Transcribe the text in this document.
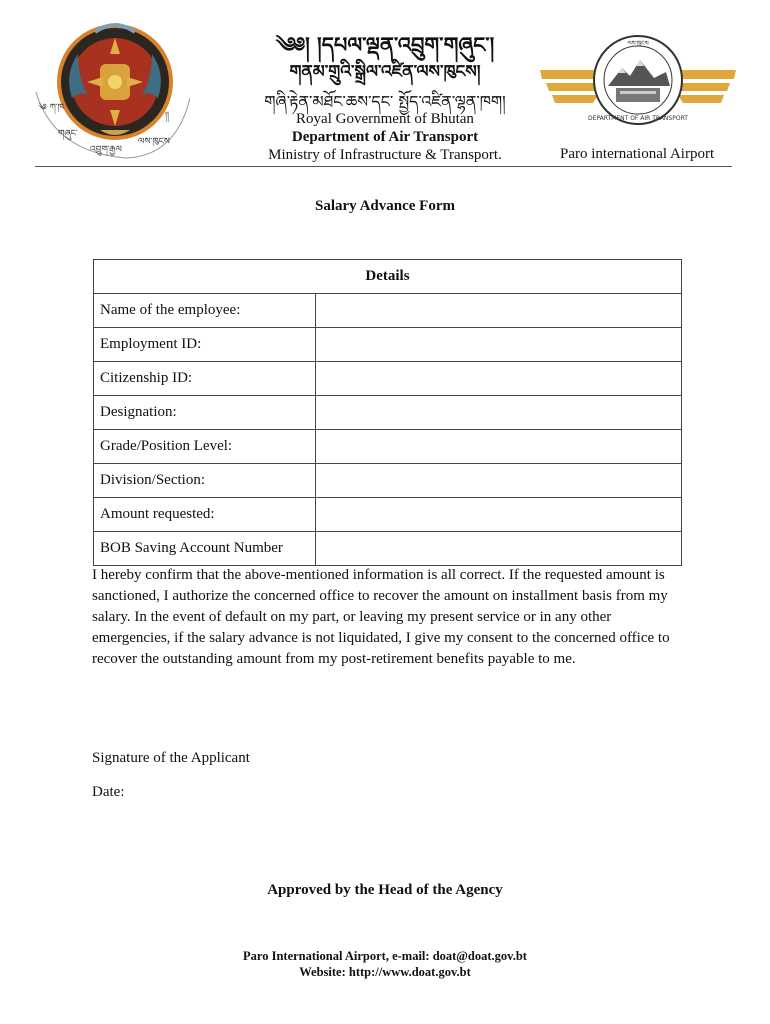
༄ ཀ་ཁ
གཞུང་
འབྲུག་རྒྱལ
ལས་ཁུངས
།།
ལས་ཁུངས
DEPARTMENT OF AIR TRANSPORT
༄༅། །དཔལ་ལྡན་འབྲུག་གཞུང་།
གནམ་གྲུའི་སྒྲིལ་འཛིན་ལས་ཁུངས།
གཞི་རྟེན་མཐོང་ཆས་དང་ སྤྱོད་འཛིན་ལྷན་ཁག།
Royal Government of Bhutan
Department of Air Transport
Ministry of Infrastructure & Transport.	Paro international Airport
Salary Advance Form
Details	
Name of the employee:	
Employment ID:	
Citizenship ID:	
Designation:	
Grade/Position Level:	
Division/Section:	
Amount requested:	
BOB Saving Account Number	
I hereby confirm that the above-mentioned information is all correct. If the requested amount is sanctioned, I authorize the concerned office to recover the amount on installment basis from my salary. In the event of default on my part, or leaving my present service or in any other emergencies, if the salary advance is not liquidated, I give my consent to the concerned office to recover the outstanding amount from my post-retirement benefits payable to me.
Signature of the Applicant
Date:
Approved by the Head of the Agency
Paro International Airport, e-mail: doat@doat.gov.bt
Website: http://www.doat.gov.bt
